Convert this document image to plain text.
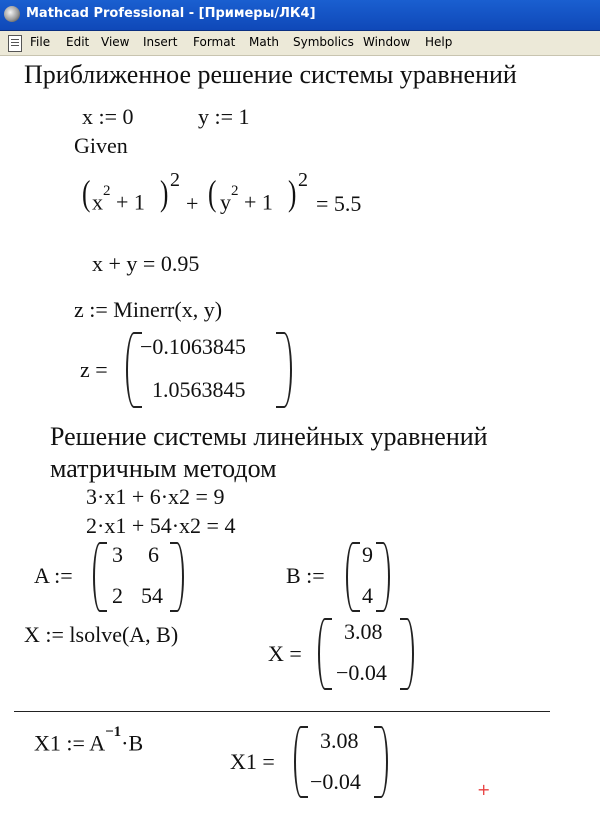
Mathcad Professional - [Примеры/ЛК4]
File Edit View Insert Format Math Symbolics Window Help
Приближенное решение системы уравнений
x := 0	y := 1
Given
( $x^2 + 1$ ) 2
+ ( $y^2 + 1$ ) 2
= 5.5
x + y = 0.95
z := Minerr(x, y)
z =
−0.1063845
1.0563845
Решение системы линейных уравнений
матричным методом
3·x1 + 6·x2 = 9
2·x1 + 54·x2 = 4
A :=
3 6
2 54
B :=
9
4
X := lsolve(A, B)
X =
3.08
−0.04
X1 := $A^{-1}\cdot B$
X1 =
3.08
−0.04	+
